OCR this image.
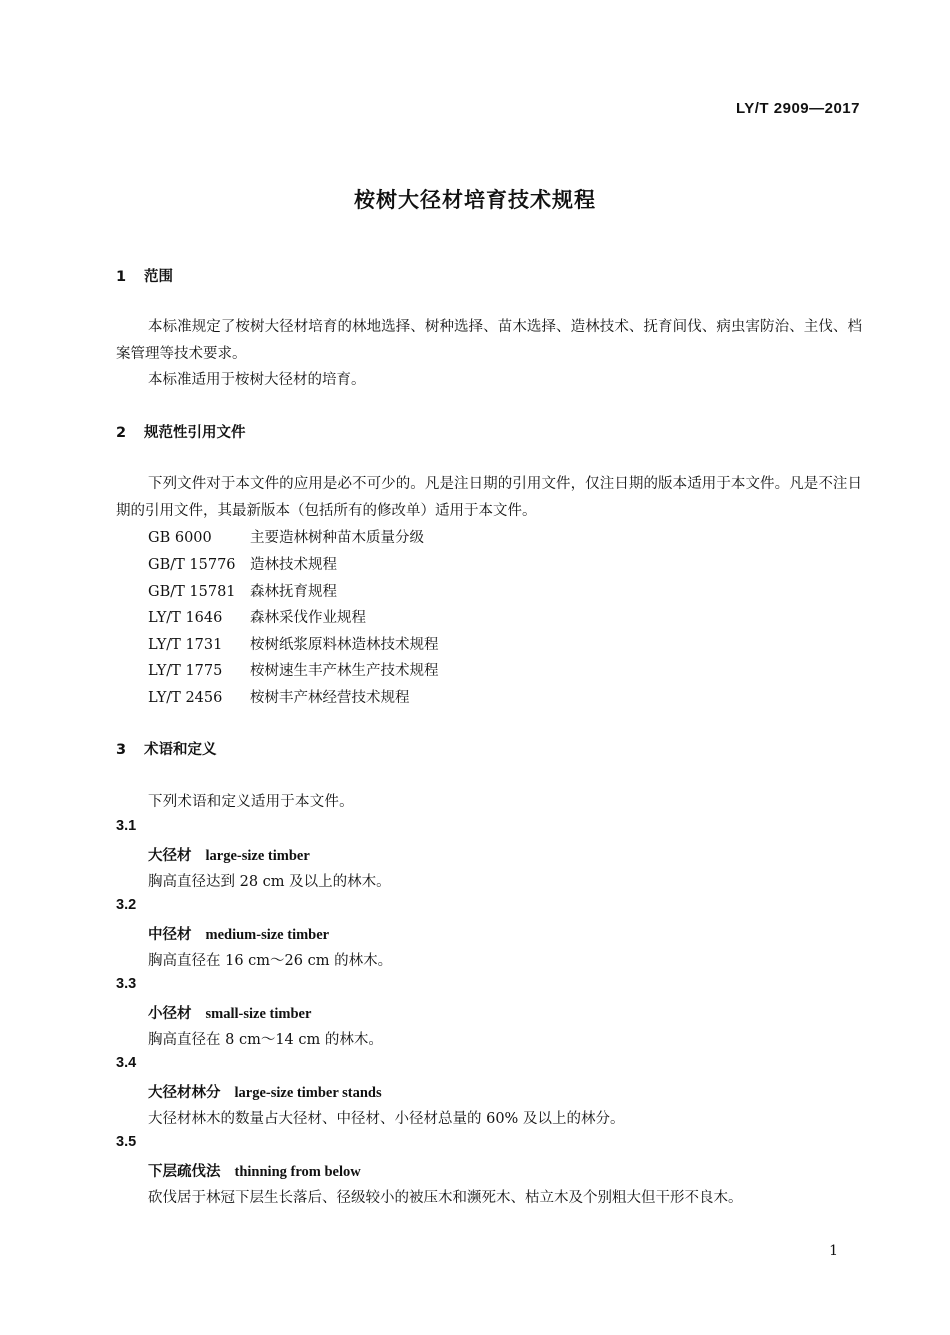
LY/T 2909—2017
桉树大径材培育技术规程
1 范围
本标准规定了桉树大径材培育的林地选择、树种选择、苗木选择、造林技术、抚育间伐、病虫害防治、主伐、档案管理等技术要求。
本标准适用于桉树大径材的培育。
2 规范性引用文件
下列文件对于本文件的应用是必不可少的。凡是注日期的引用文件，仅注日期的版本适用于本文件。凡是不注日期的引用文件，其最新版本（包括所有的修改单）适用于本文件。
GB 6000	主要造林树种苗木质量分级
GB/T 15776 造林技术规程
GB/T 15781 森林抚育规程
LY/T 1646 森林采伐作业规程
LY/T 1731 桉树纸浆原料林造林技术规程
LY/T 1775 桉树速生丰产林生产技术规程
LY/T 2456 桉树丰产林经营技术规程
3 术语和定义
下列术语和定义适用于本文件。
3.1
大径材 large-size timber
胸高直径达到 28 cm 及以上的林木。
3.2
中径材 medium-size timber
胸高直径在 16 cm～26 cm 的林木。
3.3
小径材 small-size timber
胸高直径在 8 cm～14 cm 的林木。
3.4
大径材林分 large-size timber stands
大径材林木的数量占大径材、中径材、小径材总量的 60% 及以上的林分。
3.5
下层疏伐法 thinning from below
砍伐居于林冠下层生长落后、径级较小的被压木和濒死木、枯立木及个别粗大但干形不良木。
1
